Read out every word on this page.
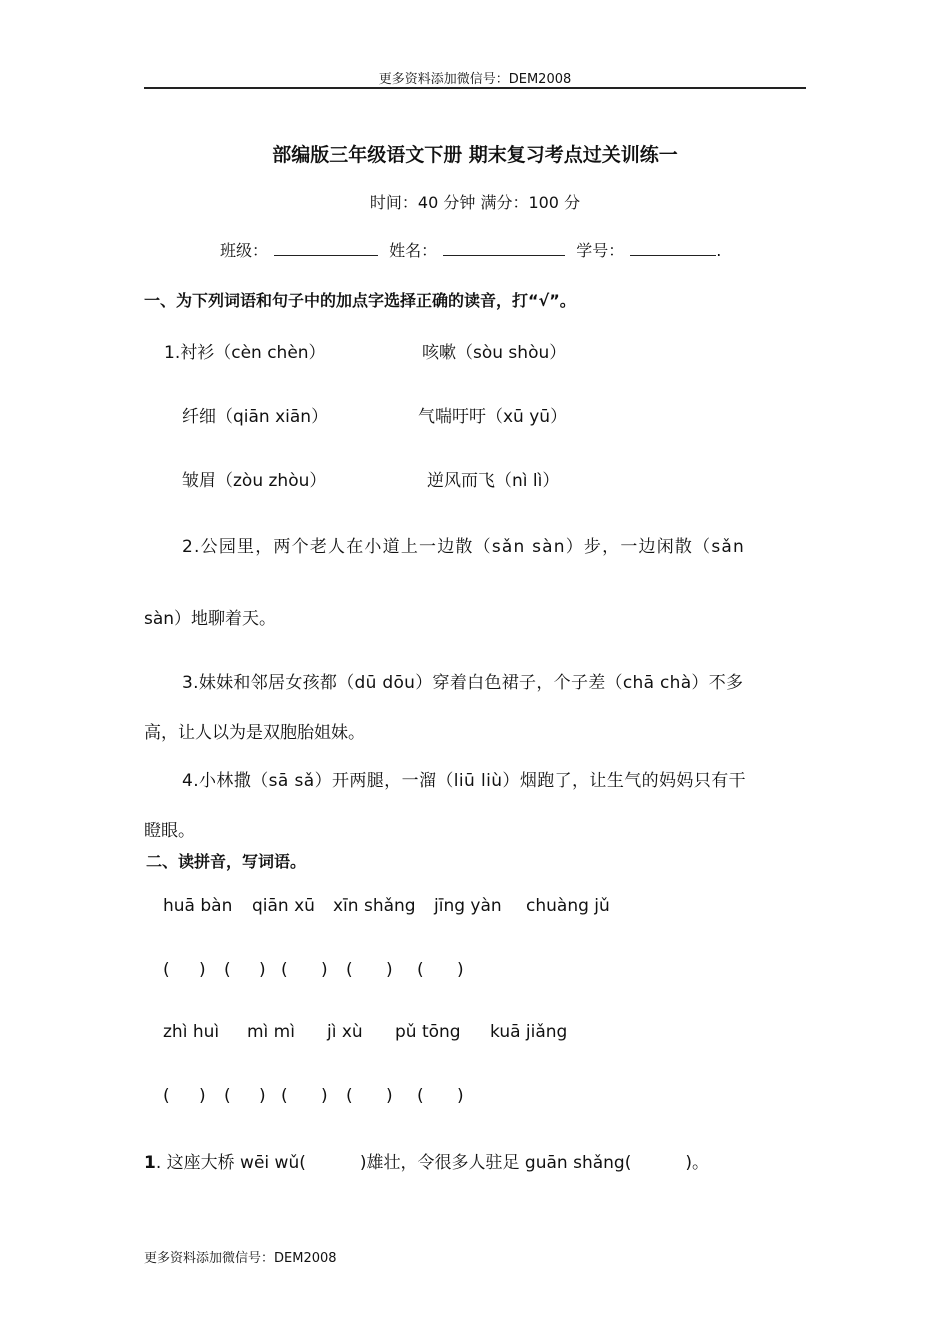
更多资料添加微信号：DEM2008
部编版三年级语文下册 期末复习考点过关训练一
时间：40 分钟 满分：100 分
班级：	姓名：	学号：	.
一、为下列词语和句子中的加点字选择正确的读音，打“√”。
1.衬衫（cèn chèn）	咳嗽（sòu shòu）
纤细（qiān xiān）	气喘吁吁（xū yū）
皱眉（zòu zhòu）	逆风而飞（nì lì）
2.公园里，两个老人在小道上一边散（sǎn sàn）步，一边闲散（sǎn
sàn）地聊着天。
3.妹妹和邻居女孩都（dū dōu）穿着白色裙子，个子差（chā chà）不多
高，让人以为是双胞胎姐妹。
4.小林撒（sā sǎ）开两腿，一溜（liū liù）烟跑了，让生气的妈妈只有干
瞪眼。
二、读拼音，写词语。
huā bàn qiān xū xīn shǎng jīng yàn chuàng jǔ
( ) ( ) ( ) ( ) ( )
zhì huì mì mì jì xù pǔ tōng kuā jiǎng
( ) ( ) ( ) ( ) ( )
1. 这座大桥 wēi wǔ(          )雄壮，令很多人驻足 guān shǎng(          )。
更多资料添加微信号：DEM2008
